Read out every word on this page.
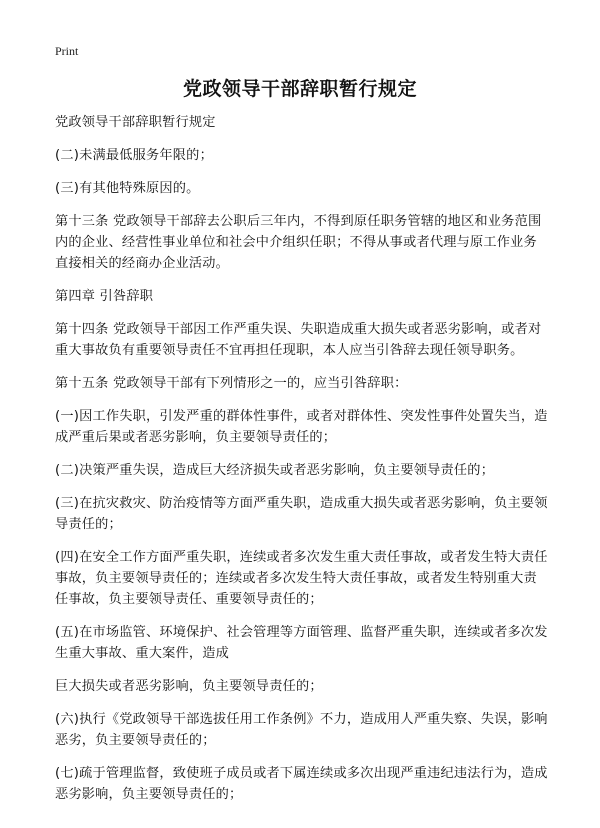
Print
党政领导干部辞职暂行规定

党政领导干部辞职暂行规定

(二)未满最低服务年限的；

(三)有其他特殊原因的。

第十三条 党政领导干部辞去公职后三年内，不得到原任职务管辖的地区和业务范围内的企业、经营性事业单位和社会中介组织任职；不得从事或者代理与原工作业务直接相关的经商办企业活动。

第四章 引咎辞职

第十四条 党政领导干部因工作严重失误、失职造成重大损失或者恶劣影响，或者对重大事故负有重要领导责任不宜再担任现职，本人应当引咎辞去现任领导职务。

第十五条 党政领导干部有下列情形之一的，应当引咎辞职：

(一)因工作失职，引发严重的群体性事件，或者对群体性、突发性事件处置失当，造成严重后果或者恶劣影响，负主要领导责任的；

(二)决策严重失误，造成巨大经济损失或者恶劣影响，负主要领导责任的；

(三)在抗灾救灾、防治疫情等方面严重失职，造成重大损失或者恶劣影响，负主要领导责任的；

(四)在安全工作方面严重失职，连续或者多次发生重大责任事故，或者发生特大责任事故，负主要领导责任的；连续或者多次发生特大责任事故，或者发生特别重大责任事故，负主要领导责任、重要领导责任的；

(五)在市场监管、环境保护、社会管理等方面管理、监督严重失职，连续或者多次发生重大事故、重大案件，造成

巨大损失或者恶劣影响，负主要领导责任的；

(六)执行《党政领导干部选拔任用工作条例》不力，造成用人严重失察、失误，影响恶劣，负主要领导责任的；

(七)疏于管理监督，致使班子成员或者下属连续或多次出现严重违纪违法行为，造成恶劣影响，负主要领导责任的；
